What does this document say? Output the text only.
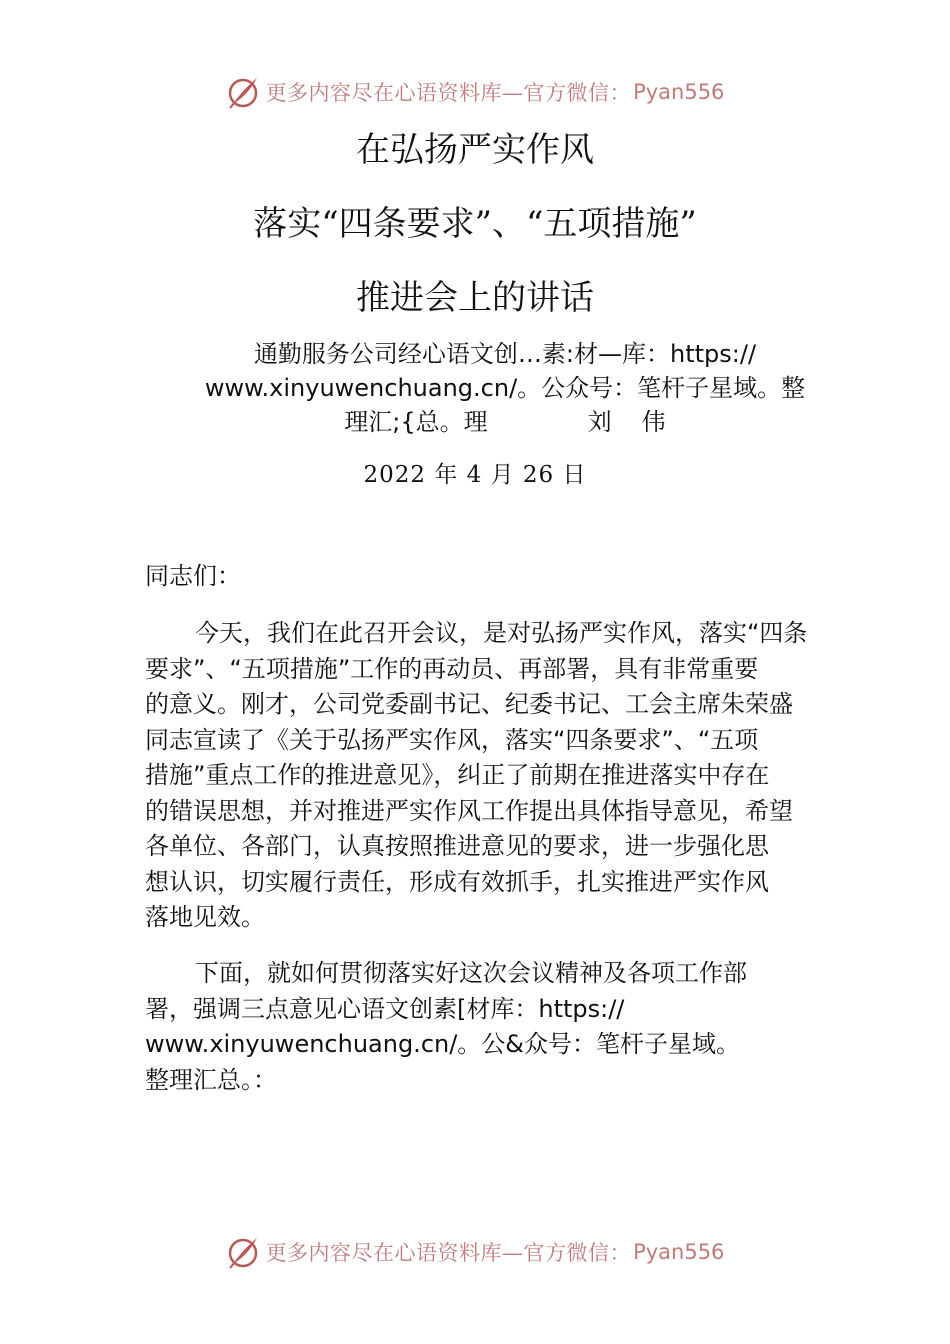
更多内容尽在心语资料库—官方微信： Pyan556
在弘扬严实作风
落实“四条要求”、“五项措施”
推进会上的讲话
通勤服务公司经心语文创…素:材—库：https://
www.xinyuwenchuang.cn/。公众号：笔杆子星域。整
理汇;{总。理	刘 伟
2022 年 4 月 26 日
同志们：
今天，我们在此召开会议，是对弘扬严实作风，落实“四条
要求”、“五项措施”工作的再动员、再部署，具有非常重要
的意义。刚才，公司党委副书记、纪委书记、工会主席朱荣盛
同志宣读了《关于弘扬严实作风，落实“四条要求”、“五项
措施”重点工作的推进意见》，纠正了前期在推进落实中存在
的错误思想，并对推进严实作风工作提出具体指导意见，希望
各单位、各部门，认真按照推进意见的要求，进一步强化思
想认识，切实履行责任，形成有效抓手，扎实推进严实作风
落地见效。
下面，就如何贯彻落实好这次会议精神及各项工作部
署，强调三点意见心语文创素[材库：https://
www.xinyuwenchuang.cn/。公&众号：笔杆子星域。
整理汇总。：
更多内容尽在心语资料库—官方微信： Pyan556
